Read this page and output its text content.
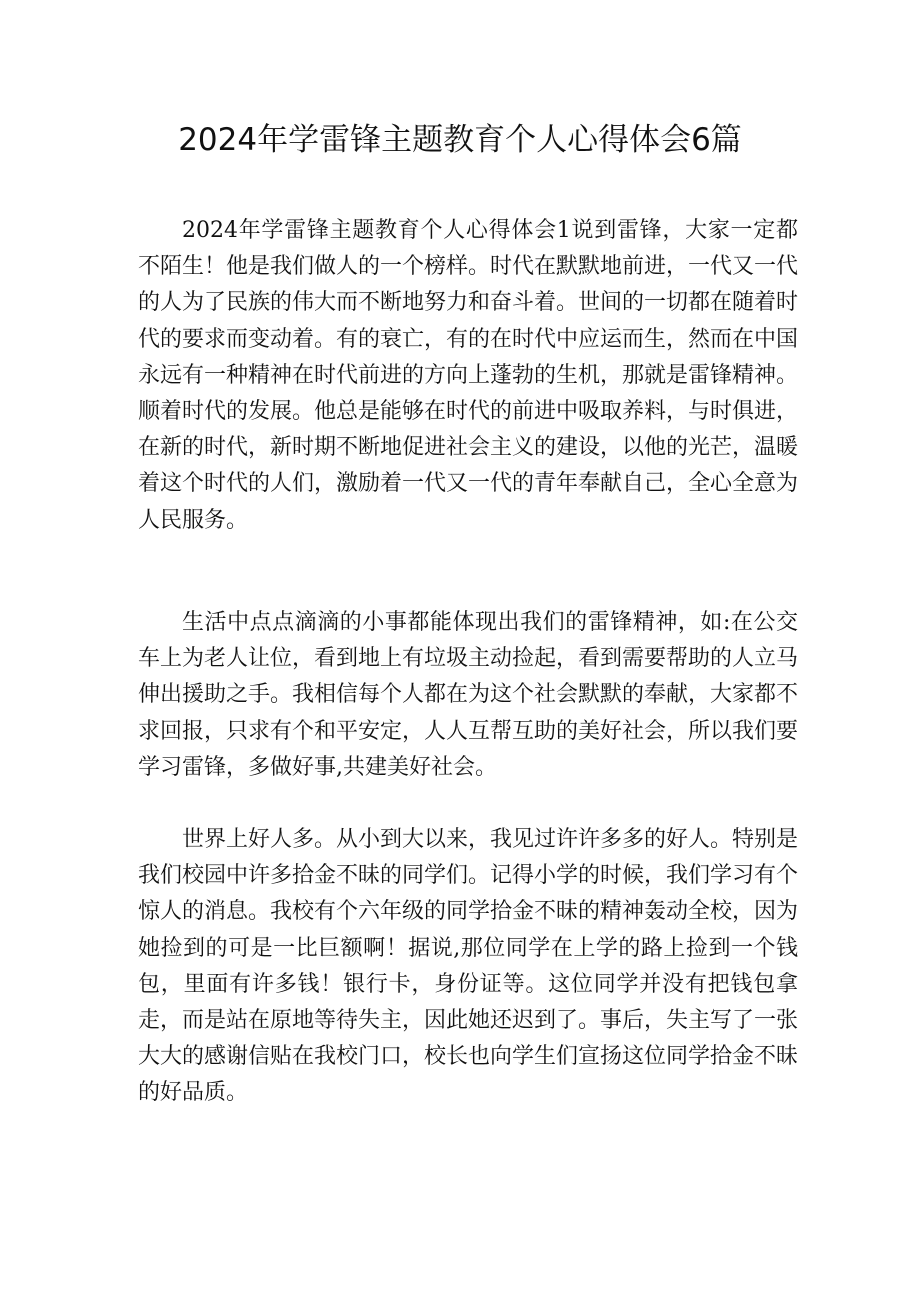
2024年学雷锋主题教育个人心得体会6篇

2024年学雷锋主题教育个人心得体会1说到雷锋，大家一定都不陌生！他是我们做人的一个榜样。时代在默默地前进，一代又一代的人为了民族的伟大而不断地努力和奋斗着。世间的一切都在随着时代的要求而变动着。有的衰亡，有的在时代中应运而生，然而在中国永远有一种精神在时代前进的方向上蓬勃的生机，那就是雷锋精神。顺着时代的发展。他总是能够在时代的前进中吸取养料，与时俱进，在新的时代，新时期不断地促进社会主义的建设，以他的光芒，温暖着这个时代的人们，激励着一代又一代的青年奉献自己，全心全意为人民服务。

生活中点点滴滴的小事都能体现出我们的雷锋精神，如:在公交车上为老人让位，看到地上有垃圾主动捡起，看到需要帮助的人立马伸出援助之手。我相信每个人都在为这个社会默默的奉献，大家都不求回报，只求有个和平安定，人人互帮互助的美好社会，所以我们要学习雷锋，多做好事,共建美好社会。

世界上好人多。从小到大以来，我见过许许多多的好人。特别是我们校园中许多拾金不昧的同学们。记得小学的时候，我们学习有个惊人的消息。我校有个六年级的同学拾金不昧的精神轰动全校，因为她捡到的可是一比巨额啊！据说,那位同学在上学的路上捡到一个钱包，里面有许多钱！银行卡，身份证等。这位同学并没有把钱包拿走，而是站在原地等待失主，因此她还迟到了。事后，失主写了一张大大的感谢信贴在我校门口，校长也向学生们宣扬这位同学拾金不昧的好品质。
